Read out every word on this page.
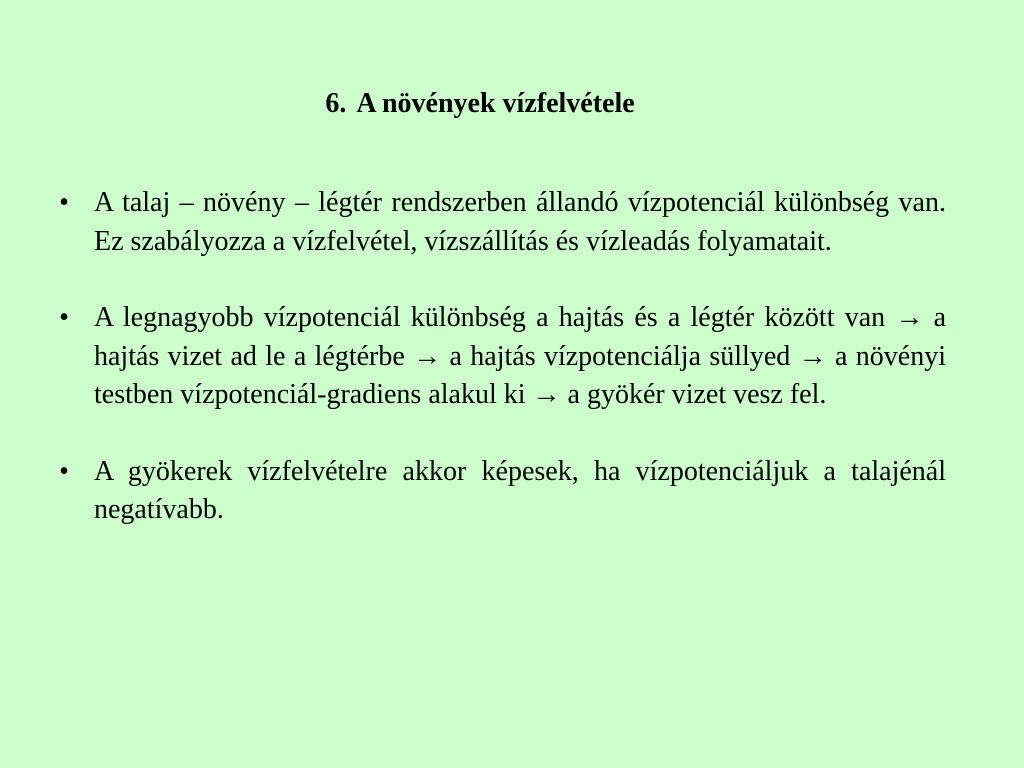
6. A növények vízfelvétele
• A talaj – növény – légtér rendszerben állandó vízpotenciál különbség van. Ez szabályozza a vízfelvétel, vízszállítás és vízleadás folyamatait.
• A legnagyobb vízpotenciál különbség a hajtás és a légtér között van → a hajtás vizet ad le a légtérbe → a hajtás vízpotenciálja süllyed → a növényi testben vízpotenciál-gradiens alakul ki → a gyökér vizet vesz fel.
• A gyökerek vízfelvételre akkor képesek, ha vízpotenciáljuk a talajénál negatívabb.
